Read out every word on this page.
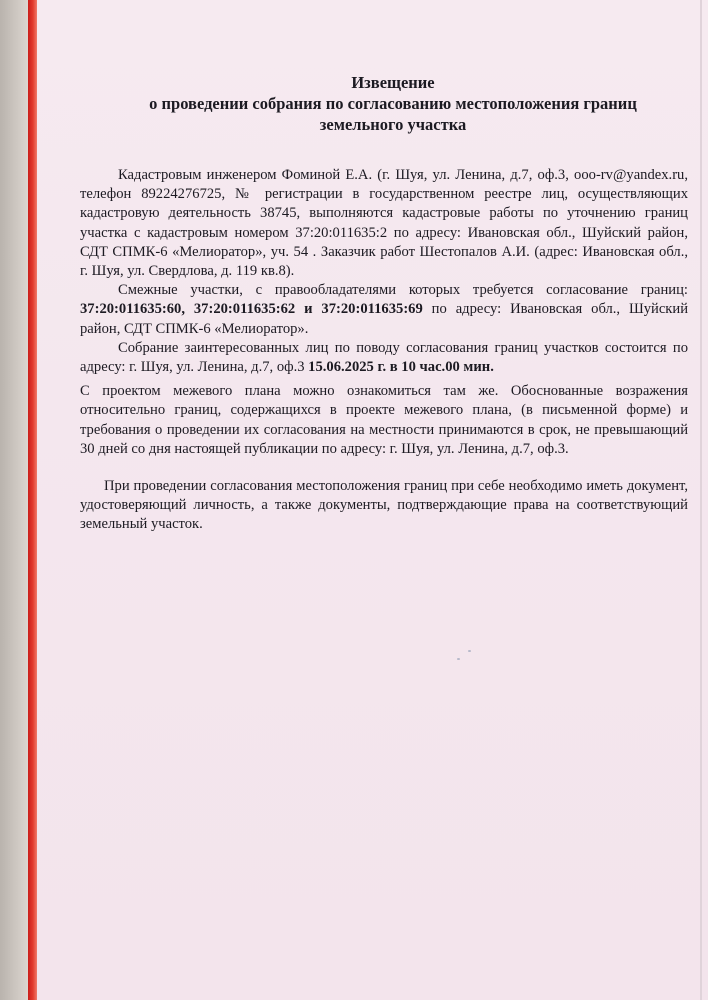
Извещение
о проведении собрания по согласованию местоположения границ
земельного участка

Кадастровым инженером Фоминой Е.А. (г. Шуя, ул. Ленина, д.7, оф.3, ooo-rv@yandex.ru, телефон 89224276725, № регистрации в государственном реестре лиц, осуществляющих кадастровую деятельность 38745, выполняются кадастровые работы по уточнению границ участка с кадастровым номером 37:20:011635:2 по адресу: Ивановская обл., Шуйский район, СДТ СПМК-6 «Мелиоратор», уч. 54 . Заказчик работ Шестопалов А.И. (адрес: Ивановская обл., г. Шуя, ул. Свердлова, д. 119 кв.8).

Смежные участки, с правообладателями которых требуется согласование границ: 37:20:011635:60, 37:20:011635:62 и 37:20:011635:69 по адресу: Ивановская обл., Шуйский район, СДТ СПМК-6 «Мелиоратор».

Собрание заинтересованных лиц по поводу согласования границ участков состоится по адресу: г. Шуя, ул. Ленина, д.7, оф.3 15.06.2025 г. в 10 час.00 мин.

С проектом межевого плана можно ознакомиться там же. Обоснованные возражения относительно границ, содержащихся в проекте межевого плана, (в письменной форме) и требования о проведении их согласования на местности принимаются в срок, не превышающий 30 дней со дня настоящей публикации по адресу: г. Шуя, ул. Ленина, д.7, оф.3.

При проведении согласования местоположения границ при себе необходимо иметь документ, удостоверяющий личность, а также документы, подтверждающие права на соответствующий земельный участок.
